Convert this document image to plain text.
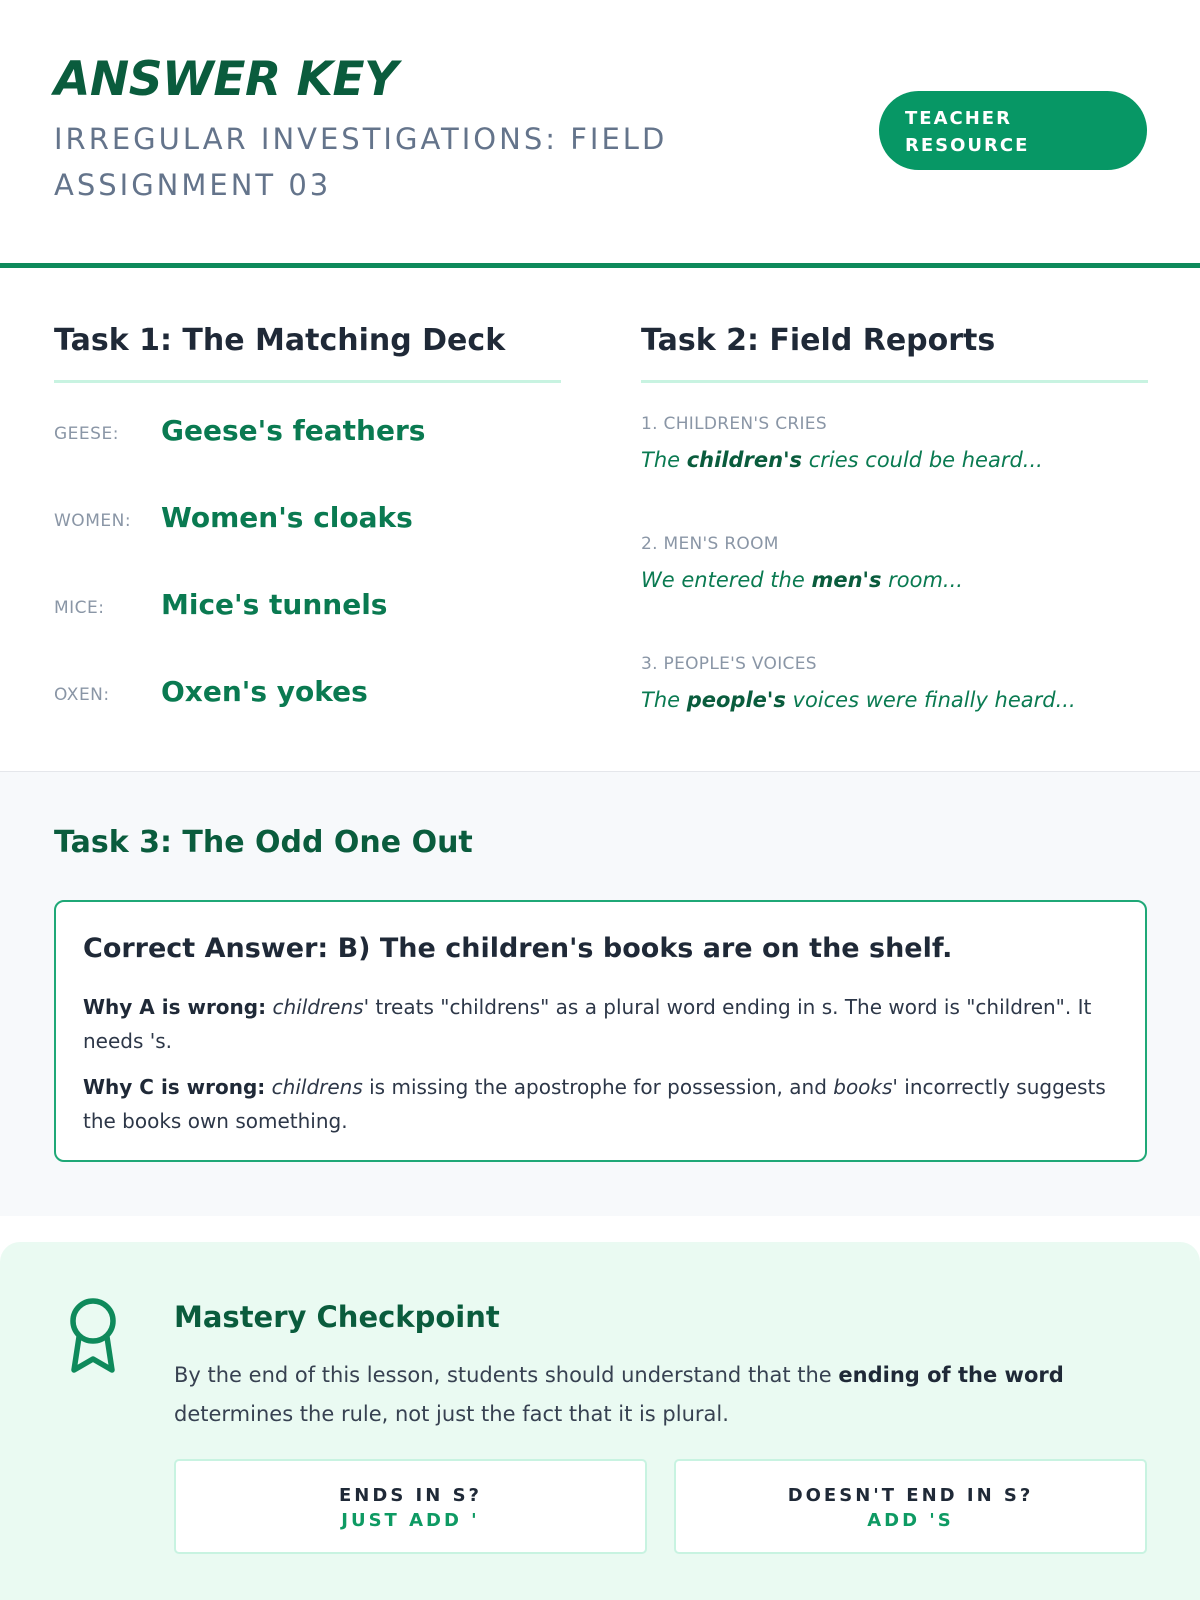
ANSWER KEY
IRREGULAR INVESTIGATIONS: FIELD ASSIGNMENT 03
TEACHER
RESOURCE
Task 1: The Matching Deck
GEESE: Geese's feathers
WOMEN: Women's cloaks
MICE: Mice's tunnels
OXEN: Oxen's yokes
Task 2: Field Reports
1. CHILDREN'S CRIES
The children's cries could be heard...
2. MEN'S ROOM
We entered the men's room...
3. PEOPLE'S VOICES
The people's voices were finally heard...
Task 3: The Odd One Out
Correct Answer: B) The children's books are on the shelf.
Why A is wrong: childrens' treats "childrens" as a plural word ending in s. The word is "children". It needs 's.
Why C is wrong: childrens is missing the apostrophe for possession, and books' incorrectly suggests the books own something.
Mastery Checkpoint
By the end of this lesson, students should understand that the ending of the word determines the rule, not just the fact that it is plural.
ENDS IN S?
JUST ADD '
DOESN'T END IN S?
ADD 'S
